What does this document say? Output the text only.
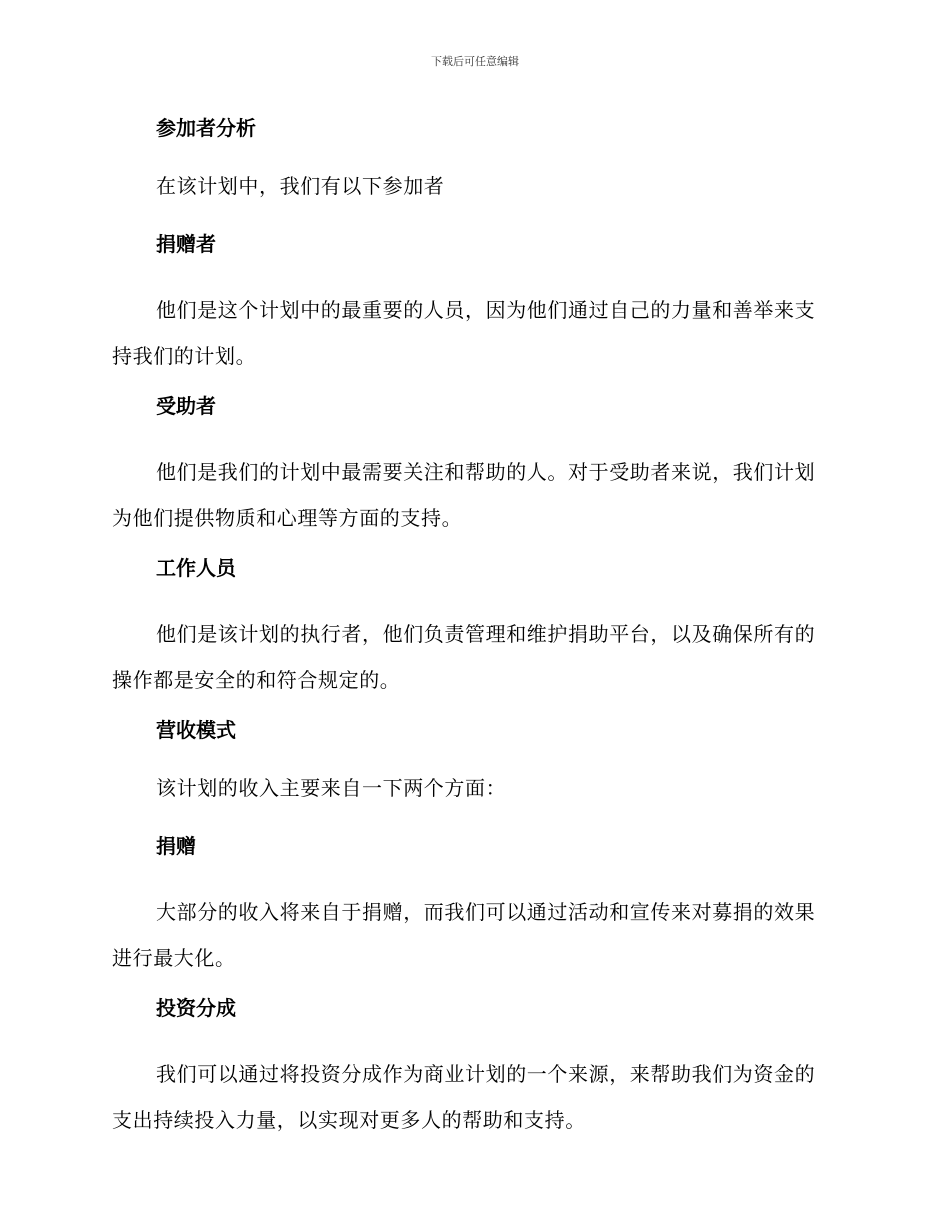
下载后可任意编辑
参加者分析

在该计划中，我们有以下参加者

捐赠者

他们是这个计划中的最重要的人员，因为他们通过自己的力量和善举来支持我们的计划。

受助者

他们是我们的计划中最需要关注和帮助的人。对于受助者来说，我们计划为他们提供物质和心理等方面的支持。

工作人员

他们是该计划的执行者，他们负责管理和维护捐助平台，以及确保所有的操作都是安全的和符合规定的。

营收模式

该计划的收入主要来自一下两个方面：

捐赠

大部分的收入将来自于捐赠，而我们可以通过活动和宣传来对募捐的效果进行最大化。

投资分成

我们可以通过将投资分成作为商业计划的一个来源，来帮助我们为资金的支出持续投入力量，以实现对更多人的帮助和支持。
